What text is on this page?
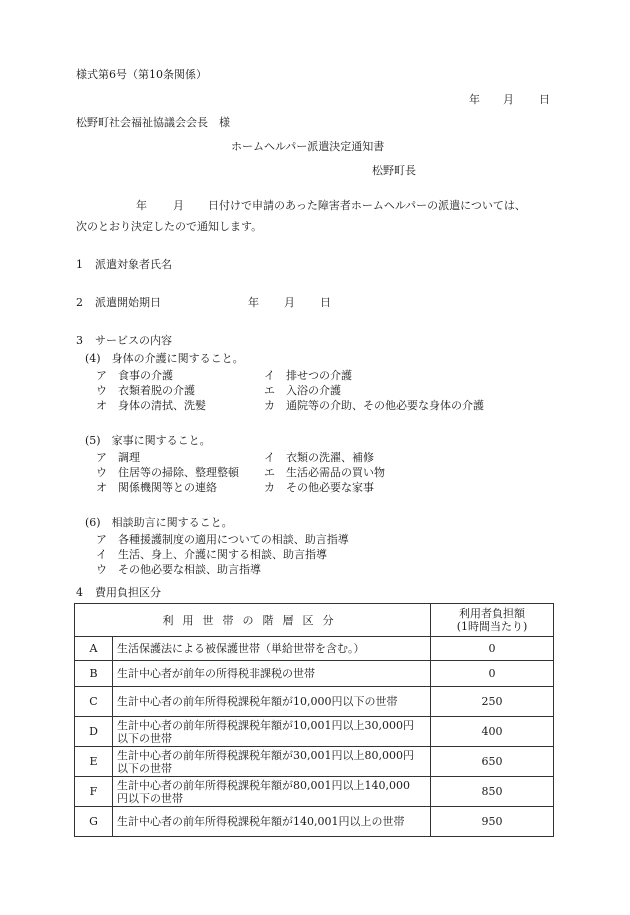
様式第6号（第10条関係）
年 月 日
松野町社会福祉協議会会長　様
ホームヘルパー派遣決定通知書
松野町長
年 月 日付けで申請のあった障害者ホームヘルパーの派遣については、
次のとおり決定したので通知します。
1 派遣対象者氏名
2 派遣開始期日	年 月 日
3 サービスの内容
(4)　身体の介護に関すること。
ア 食事の介護	イ 排せつの介護
ウ 衣類着脱の介護	エ 入浴の介護
オ 身体の清拭、洗髪	カ 通院等の介助、その他必要な身体の介護
(5)　家事に関すること。
ア 調理	イ 衣類の洗濯、補修
ウ 住居等の掃除、整理整頓 エ 生活必需品の買い物
オ 関係機関等との連絡	カ その他必要な家事
(6)　相談助言に関すること。
ア 各種援護制度の適用についての相談、助言指導
イ 生活、身上、介護に関する相談、助言指導
ウ その他必要な相談、助言指導
4 費用負担区分
利用世帯の階層区分		利用者負担額
(1時間当たり)

A	生活保護法による被保護世帯（単給世帯を含む。）	0
B	生計中心者が前年の所得税非課税の世帯	0
C	生計中心者の前年所得税課税年額が10,000円以下の世帯	250
D	生計中心者の前年所得税課税年額が10,001円以上30,000円
以下の世帯	400
E	生計中心者の前年所得税課税年額が30,001円以上80,000円
以下の世帯	650
F	生計中心者の前年所得税課税年額が80,001円以上140,000
円以下の世帯	850
G	生計中心者の前年所得税課税年額が140,001円以上の世帯	950
